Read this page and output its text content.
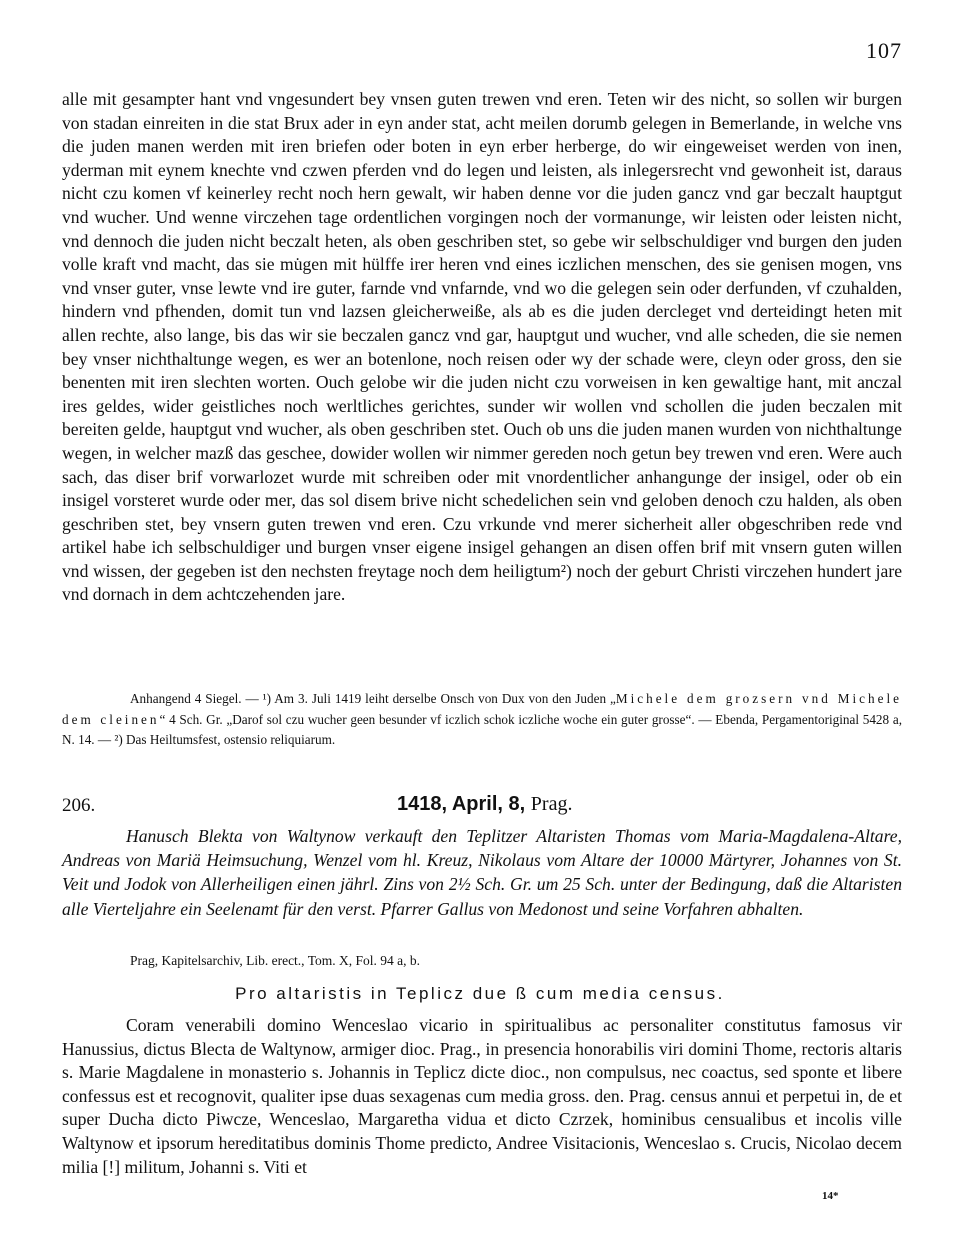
107

alle mit gesampter hant vnd vngesundert bey vnsen guten trewen vnd eren. Teten wir des nicht, so sollen wir burgen von stadan einreiten in die stat Brux ader in eyn ander stat, acht meilen dorumb gelegen in Bemerlande, in welche vns die juden manen werden mit iren briefen oder boten in eyn erber herberge, do wir eingeweiset werden von inen, yderman mit eynem knechte vnd czwen pferden vnd do legen und leisten, als inlegersrecht vnd gewonheit ist, daraus nicht czu komen vf keinerley recht noch hern gewalt, wir haben denne vor die juden gancz vnd gar beczalt hauptgut vnd wucher. Und wenne virczehen tage ordentlichen vorgingen noch der vormanunge, wir leisten oder leisten nicht, vnd dennoch die juden nicht beczalt heten, als oben geschriben stet, so gebe wir selbschuldiger vnd burgen den juden volle kraft vnd macht, das sie mu̇gen mit hülffe irer heren vnd eines iczlichen menschen, des sie genisen mogen, vns vnd vnser guter, vnse lewte vnd ire guter, farnde vnd vnfarnde, vnd wo die gelegen sein oder derfunden, vf czuhalden, hindern vnd pfhenden, domit tun vnd lazsen gleicherweiße, als ab es die juden dercleget vnd derteidingt heten mit allen rechte, also lange, bis das wir sie beczalen gancz vnd gar, hauptgut und wucher, vnd alle scheden, die sie nemen bey vnser nichthaltunge wegen, es wer an botenlone, noch reisen oder wy der schade were, cleyn oder gross, den sie benenten mit iren slechten worten. Ouch gelobe wir die juden nicht czu vorweisen in ken gewaltige hant, mit anczal ires geldes, wider geistliches noch werltliches gerichtes, sunder wir wollen vnd schollen die juden beczalen mit bereiten gelde, hauptgut vnd wucher, als oben geschriben stet. Ouch ob uns die juden manen wurden von nichthaltunge wegen, in welcher mazß das geschee, dowider wollen wir nimmer gereden noch getun bey trewen vnd eren. Were auch sach, das diser brif vorwarlozet wurde mit schreiben oder mit vnordentlicher anhangunge der insigel, oder ob ein insigel vorsteret wurde oder mer, das sol disem brive nicht schedelichen sein vnd geloben denoch czu halden, als oben geschriben stet, bey vnsern guten trewen vnd eren. Czu vrkunde vnd merer sicherheit aller obgeschriben rede vnd artikel habe ich selbschuldiger und burgen vnser eigene insigel gehangen an disen offen brif mit vnsern guten willen vnd wissen, der gegeben ist den nechsten freytage noch dem heiligtum²) noch der geburt Christi virczehen hundert jare vnd dornach in dem achtczehenden jare.

Anhangend 4 Siegel. — ¹) Am 3. Juli 1419 leiht derselbe Onsch von Dux von den Juden „Michele dem grozsern vnd Michele dem cleinen“ 4 Sch. Gr. „Darof sol czu wucher geen besunder vf iczlich schok iczliche woche ein guter grosse“. — Ebenda, Pergamentoriginal 5428 a, N. 14. — ²) Das Heiltumsfest, ostensio reliquiarum.

206.	1418, April, 8, Prag.
Hanusch Blekta von Waltynow verkauft den Teplitzer Altaristen Thomas vom Maria-Magdalena-Altare, Andreas von Mariä Heimsuchung, Wenzel vom hl. Kreuz, Nikolaus vom Altare der 10000 Märtyrer, Johannes von St. Veit und Jodok von Allerheiligen einen jährl. Zins von 2½ Sch. Gr. um 25 Sch. unter der Bedingung, daß die Altaristen alle Vierteljahre ein Seelenamt für den verst. Pfarrer Gallus von Medonost und seine Vorfahren abhalten.
Prag, Kapitelsarchiv, Lib. erect., Tom. X, Fol. 94 a, b.
Pro altaristis in Teplicz due ß cum media census.

Coram venerabili domino Wenceslao vicario in spiritualibus ac personaliter constitutus famosus vir Hanussius, dictus Blecta de Waltynow, armiger dioc. Prag., in presencia honorabilis viri domini Thome, rectoris altaris s. Marie Magdalene in monasterio s. Johannis in Teplicz dicte dioc., non compulsus, nec coactus, sed sponte et libere confessus est et recognovit, qualiter ipse duas sexagenas cum media gross. den. Prag. census annui et perpetui in, de et super Ducha dicto Piwcze, Wenceslao, Margaretha vidua et dicto Czrzek, hominibus censualibus et incolis ville Waltynow et ipsorum hereditatibus dominis Thome predicto, Andree Visitacionis, Wenceslao s. Crucis, Nicolao decem milia [!] militum, Johanni s. Viti et

14*
